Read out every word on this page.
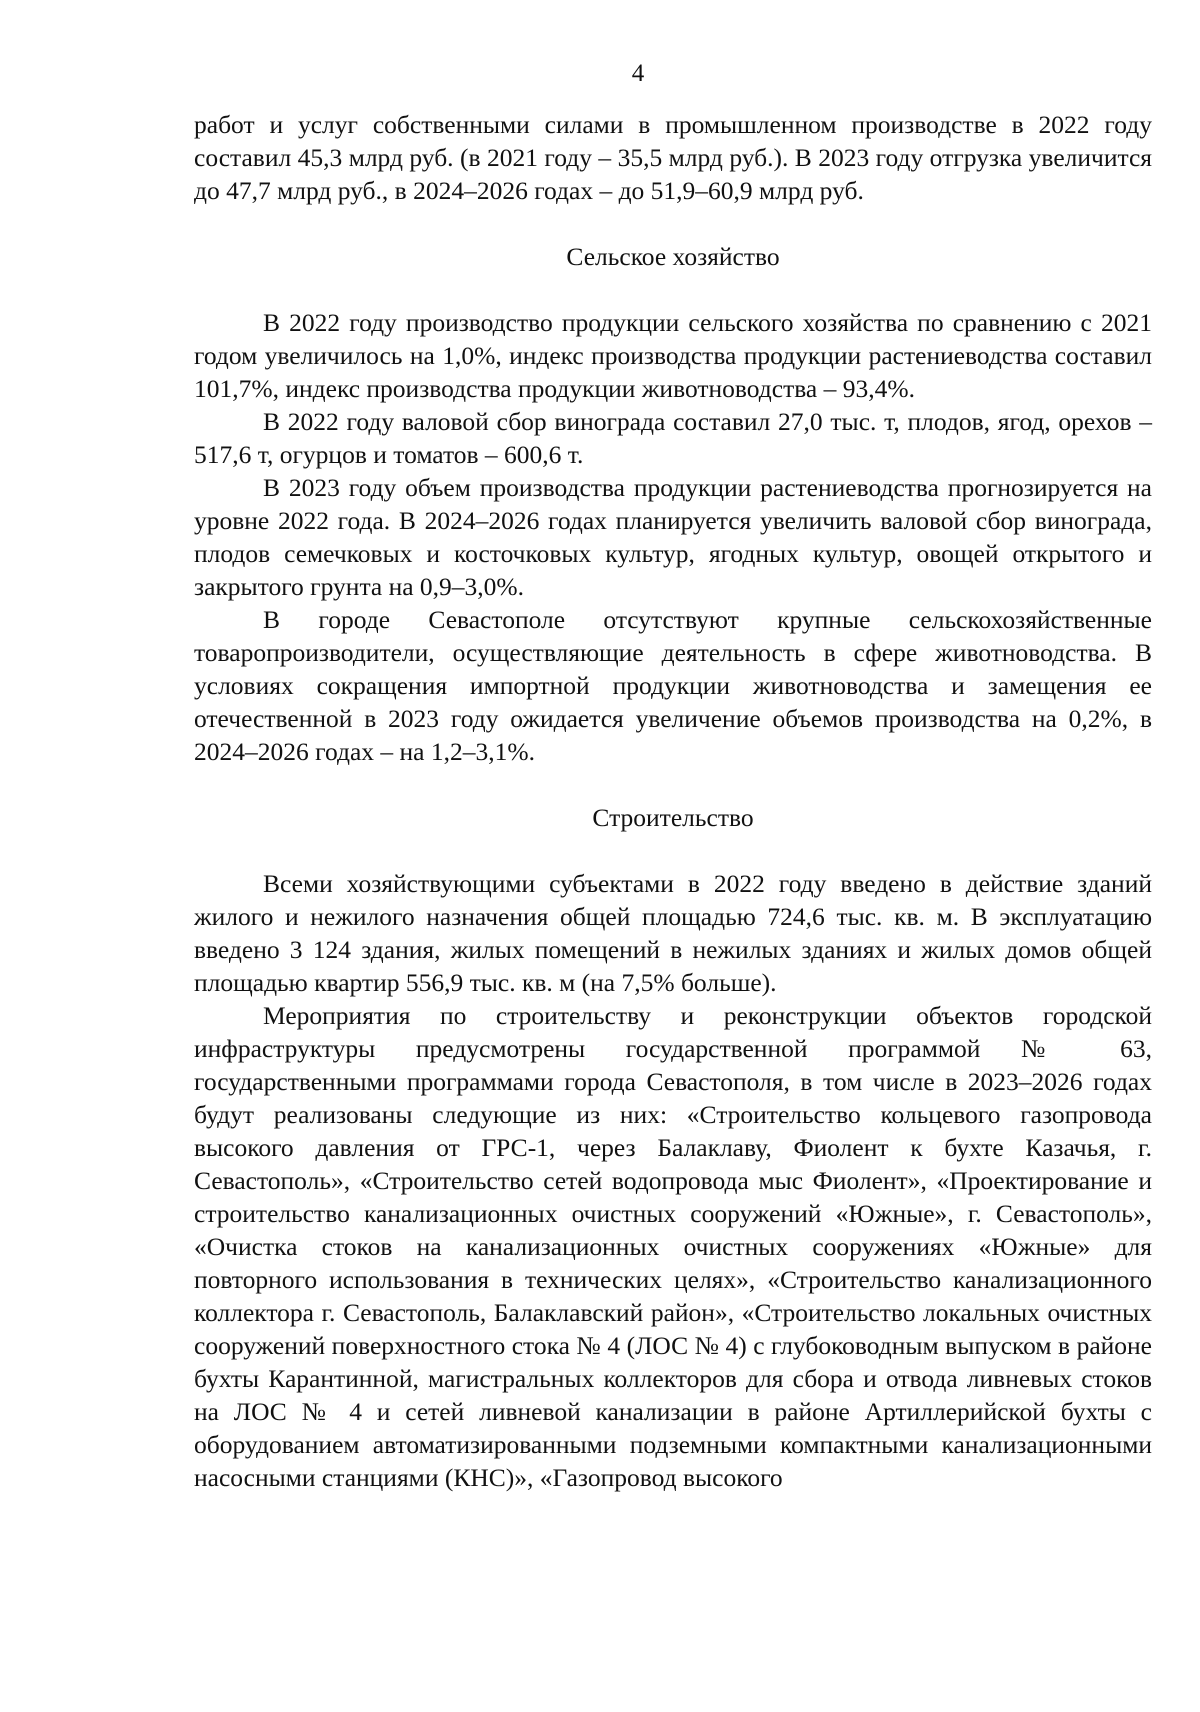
4

работ и услуг собственными силами в промышленном производстве в 2022 году составил 45,3 млрд руб. (в 2021 году – 35,5 млрд руб.). В 2023 году отгрузка увеличится до 47,7 млрд руб., в 2024–2026 годах – до 51,9–60,9 млрд руб.

Сельское хозяйство

В 2022 году производство продукции сельского хозяйства по сравнению с 2021 годом увеличилось на 1,0%, индекс производства продукции растениеводства составил 101,7%, индекс производства продукции животноводства – 93,4%.

В 2022 году валовой сбор винограда составил 27,0 тыс. т, плодов, ягод, орехов – 517,6 т, огурцов и томатов – 600,6 т.

В 2023 году объем производства продукции растениеводства прогнозируется на уровне 2022 года. В 2024–2026 годах планируется увеличить валовой сбор винограда, плодов семечковых и косточковых культур, ягодных культур, овощей открытого и закрытого грунта на 0,9–3,0%.

В городе Севастополе отсутствуют крупные сельскохозяйственные товаропроизводители, осуществляющие деятельность в сфере животноводства. В условиях сокращения импортной продукции животноводства и замещения ее отечественной в 2023 году ожидается увеличение объемов производства на 0,2%, в 2024–2026 годах – на 1,2–3,1%.

Строительство

Всеми хозяйствующими субъектами в 2022 году введено в действие зданий жилого и нежилого назначения общей площадью 724,6 тыс. кв. м. В эксплуатацию введено 3 124 здания, жилых помещений в нежилых зданиях и жилых домов общей площадью квартир 556,9 тыс. кв. м (на 7,5% больше).

Мероприятия по строительству и реконструкции объектов городской инфраструктуры предусмотрены государственной программой № 63, государственными программами города Севастополя, в том числе в 2023–2026 годах будут реализованы следующие из них: «Строительство кольцевого газопровода высокого давления от ГРС-1, через Балаклаву, Фиолент к бухте Казачья, г. Севастополь», «Строительство сетей водопровода мыс Фиолент», «Проектирование и строительство канализационных очистных сооружений «Южные», г. Севастополь», «Очистка стоков на канализационных очистных сооружениях «Южные» для повторного использования в технических целях», «Строительство канализационного коллектора г. Севастополь, Балаклавский район», «Строительство локальных очистных сооружений поверхностного стока № 4 (ЛОС № 4) с глубоководным выпуском в районе бухты Карантинной, магистральных коллекторов для сбора и отвода ливневых стоков на ЛОС № 4 и сетей ливневой канализации в районе Артиллерийской бухты с оборудованием автоматизированными подземными компактными канализационными насосными станциями (КНС)», «Газопровод высокого
